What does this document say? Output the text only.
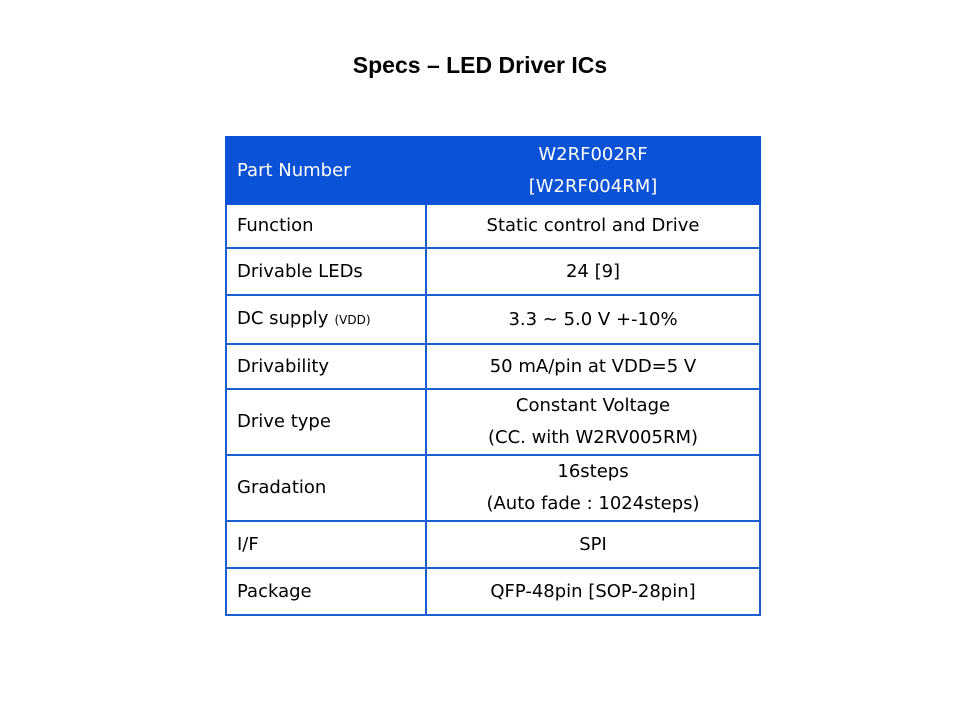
Specs – LED Driver ICs
Part Number	W2RF002RF
[W2RF004RM]

Function	Static control and Drive
Drivable LEDs	24 [9]
DC supply (VDD)	3.3 ~ 5.0 V +-10%
Drivability	50 mA/pin at VDD=5 V
Drive type	Constant Voltage
(CC. with W2RV005RM)

Gradation	16steps
(Auto fade : 1024steps)

I/F	SPI
Package	QFP-48pin [SOP-28pin]
